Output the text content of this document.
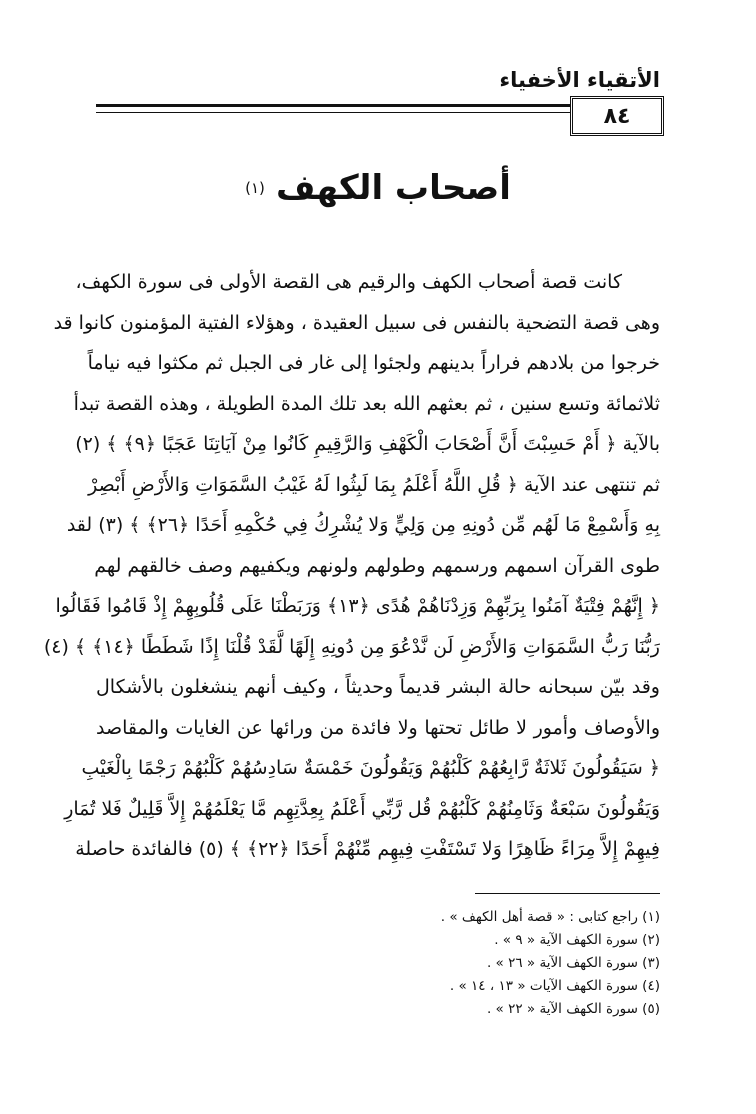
الأتقياء الأخفياء
٨٤
أصحاب الكهف (١)
كانت قصة أصحاب الكهف والرقيم هى القصة الأولى فى سورة الكهف،
وهى قصة التضحية بالنفس فى سبيل العقيدة ، وهؤلاء الفتية المؤمنون كانوا قد
خرجوا من بلادهم فراراً بدينهم ولجئوا إلى غار فى الجبل ثم مكثوا فيه نياماً
ثلاثمائة وتسع سنين ، ثم بعثهم الله بعد تلك المدة الطويلة ، وهذه القصة تبدأ
بالآية ﴿ أَمْ حَسِبْتَ أَنَّ أَصْحَابَ الْكَهْفِ وَالرَّقِيمِ كَانُوا مِنْ آيَاتِنَا عَجَبًا ﴿٩﴾ ﴾ (٢)
ثم تنتهى عند الآية ﴿ قُلِ اللَّهُ أَعْلَمُ بِمَا لَبِثُوا لَهُ غَيْبُ السَّمَوَاتِ وَالأَرْضِ أَبْصِرْ
بِهِ وَأَسْمِعْ مَا لَهُم مِّن دُونِهِ مِن وَلِيٍّ وَلا يُشْرِكُ فِي حُكْمِهِ أَحَدًا ﴿٢٦﴾ ﴾ (٣) لقد
طوى القرآن اسمهم ورسمهم وطولهم ولونهم ويكفيهم وصف خالقهم لهم
﴿ إِنَّهُمْ فِتْيَةٌ آمَنُوا بِرَبِّهِمْ وَزِدْنَاهُمْ هُدًى ﴿١٣﴾ وَرَبَطْنَا عَلَى قُلُوبِهِمْ إِذْ قَامُوا فَقَالُوا
رَبُّنَا رَبُّ السَّمَوَاتِ وَالأَرْضِ لَن نَّدْعُوَ مِن دُونِهِ إِلَهًا لَّقَدْ قُلْنَا إِذًا شَطَطًا ﴿١٤﴾ ﴾ (٤)
وقد بيّن سبحانه حالة البشر قديماً وحديثاً ، وكيف أنهم ينشغلون بالأشكال
والأوصاف وأمور لا طائل تحتها ولا فائدة من ورائها عن الغايات والمقاصد
﴿ سَيَقُولُونَ ثَلاثَةٌ رَّابِعُهُمْ كَلْبُهُمْ وَيَقُولُونَ خَمْسَةٌ سَادِسُهُمْ كَلْبُهُمْ رَجْمًا بِالْغَيْبِ
وَيَقُولُونَ سَبْعَةٌ وَثَامِنُهُمْ كَلْبُهُمْ قُل رَّبِّي أَعْلَمُ بِعِدَّتِهِم مَّا يَعْلَمُهُمْ إِلاَّ قَلِيلٌ فَلا تُمَارِ
فِيهِمْ إِلاَّ مِرَاءً ظَاهِرًا وَلا تَسْتَفْتِ فِيهِم مِّنْهُمْ أَحَدًا ﴿٢٢﴾ ﴾ (٥) فالفائدة حاصلة
(١) راجع كتابى : « قصة أهل الكهف » .
(٢) سورة الكهف الآية « ٩ » .
(٣) سورة الكهف الآية « ٢٦ » .
(٤) سورة الكهف الآيات « ١٣ ، ١٤ » .
(٥) سورة الكهف الآية « ٢٢ » .
